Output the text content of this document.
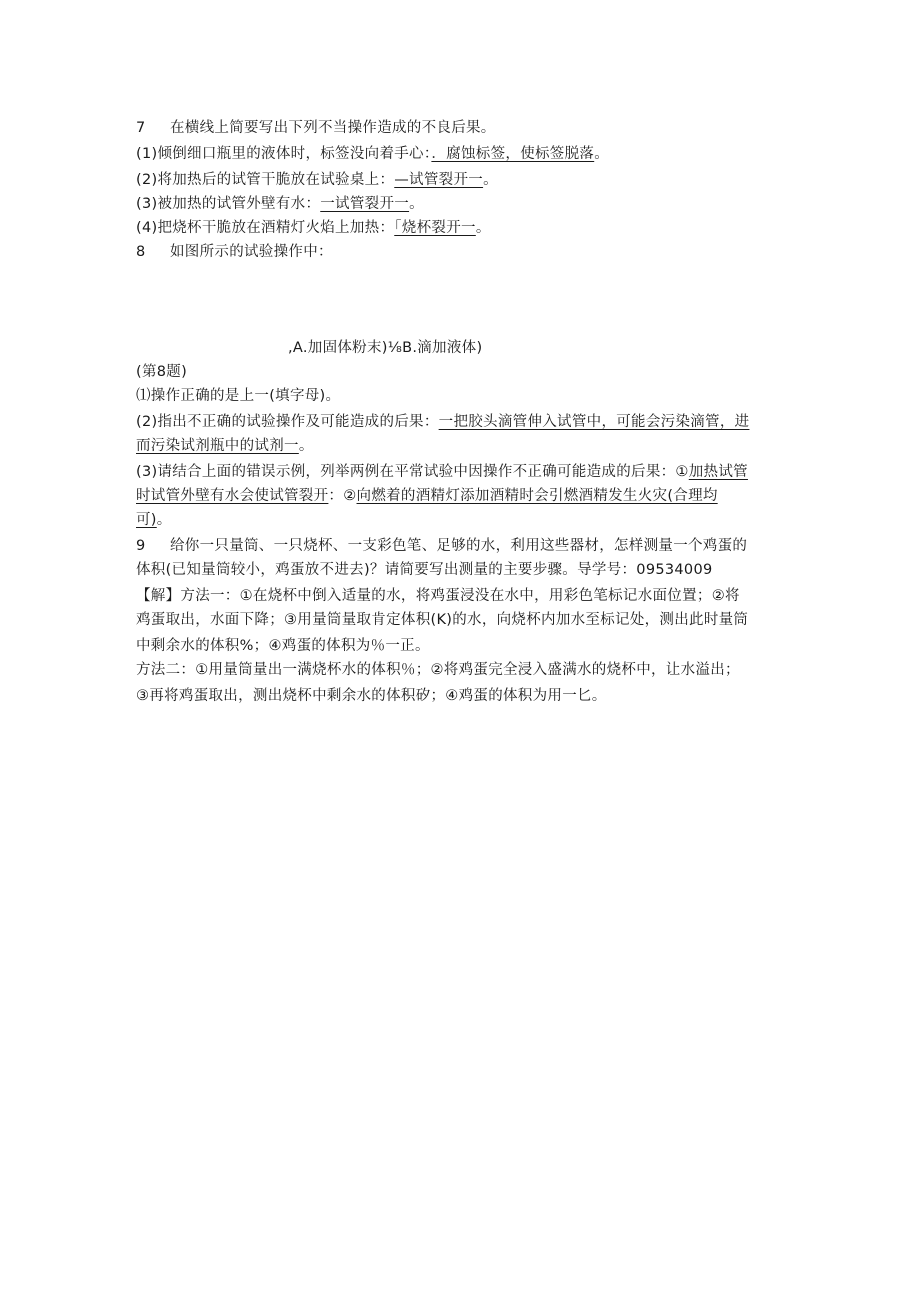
7 在横线上简要写出下列不当操作造成的不良后果。
(1)倾倒细口瓶里的液体时，标签没向着手心：．腐蚀标签，使标签脱落。
(2)将加热后的试管干脆放在试验桌上：—试管裂开一。
(3)被加热的试管外壁有水：一试管裂开一。
(4)把烧杯干脆放在酒精灯火焰上加热：「烧杯裂开一。
8 如图所示的试验操作中：
,A.加固体粉末)⅛B.滴加液体)
(第8题)
⑴操作正确的是上一(填字母)。
(2)指出不正确的试验操作及可能造成的后果：一把胶头滴管伸入试管中，可能会污染滴管，进
而污染试剂瓶中的试剂一。
(3)请结合上面的错误示例，列举两例在平常试验中因操作不正确可能造成的后果：①加热试管
时试管外壁有水会使试管裂开：②向燃着的酒精灯添加酒精时会引燃酒精发生火灾(合理均
可)。
9 给你一只量筒、一只烧杯、一支彩色笔、足够的水，利用这些器材，怎样测量一个鸡蛋的
体积(已知量筒较小，鸡蛋放不进去)？请简要写出测量的主要步骤。导学号：09534009
【解】方法一：①在烧杯中倒入适量的水，将鸡蛋浸没在水中，用彩色笔标记水面位置；②将
鸡蛋取出，水面下降；③用量筒量取肯定体积(K)的水，向烧杯内加水至标记处，测出此时量筒
中剩余水的体积%；④鸡蛋的体积为％一正。
方法二：①用量筒量出一满烧杯水的体积％；②将鸡蛋完全浸入盛满水的烧杯中，让水溢出；
③再将鸡蛋取出，测出烧杯中剩余水的体积矽；④鸡蛋的体积为用一匕。
